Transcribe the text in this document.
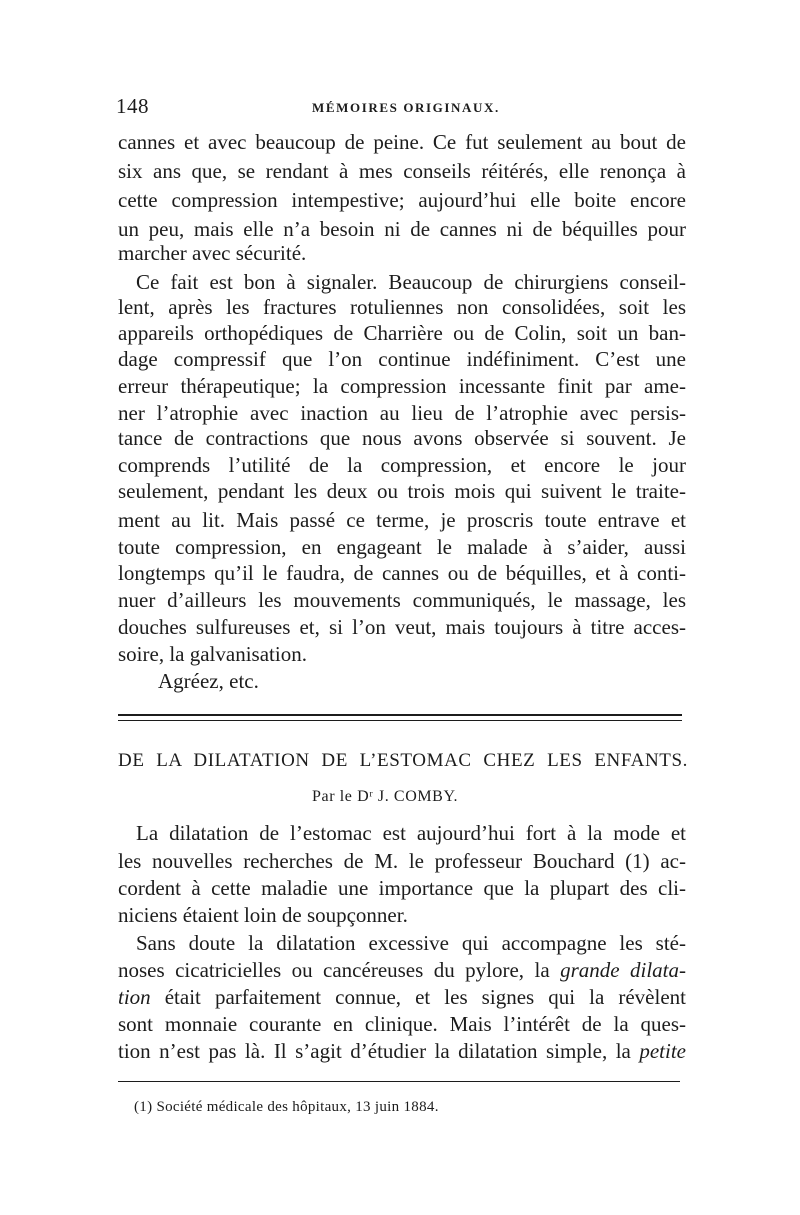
148	MÉMOIRES ORIGINAUX.
cannes et avec beaucoup de peine. Ce fut seulement au bout de
six ans que, se rendant à mes conseils réitérés, elle renonça à
cette compression intempestive; aujourd’hui elle boite encore
un peu, mais elle n’a besoin ni de cannes ni de béquilles pour
marcher avec sécurité.
Ce fait est bon à signaler. Beaucoup de chirurgiens conseil-
lent, après les fractures rotuliennes non consolidées, soit les
appareils orthopédiques de Charrière ou de Colin, soit un ban-
dage compressif que l’on continue indéfiniment. C’est une
erreur thérapeutique; la compression incessante finit par ame-
ner l’atrophie avec inaction au lieu de l’atrophie avec persis-
tance de contractions que nous avons observée si souvent. Je
comprends l’utilité de la compression, et encore le jour
seulement, pendant les deux ou trois mois qui suivent le traite-
ment au lit. Mais passé ce terme, je proscris toute entrave et
toute compression, en engageant le malade à s’aider, aussi
longtemps qu’il le faudra, de cannes ou de béquilles, et à conti-
nuer d’ailleurs les mouvements communiqués, le massage, les
douches sulfureuses et, si l’on veut, mais toujours à titre acces-
soire, la galvanisation.
Agréez, etc.
DE LA DILATATION DE L’ESTOMAC CHEZ LES ENFANTS.
Par le Dʳ J. COMBY.
La dilatation de l’estomac est aujourd’hui fort à la mode et
les nouvelles recherches de M. le professeur Bouchard (1) ac-
cordent à cette maladie une importance que la plupart des cli-
niciens étaient loin de soupçonner.
Sans doute la dilatation excessive qui accompagne les sté-
noses cicatricielles ou cancéreuses du pylore, la grande dilata-
tion était parfaitement connue, et les signes qui la révèlent
sont monnaie courante en clinique. Mais l’intérêt de la ques-
tion n’est pas là. Il s’agit d’étudier la dilatation simple, la petite
(1) Société médicale des hôpitaux, 13 juin 1884.
